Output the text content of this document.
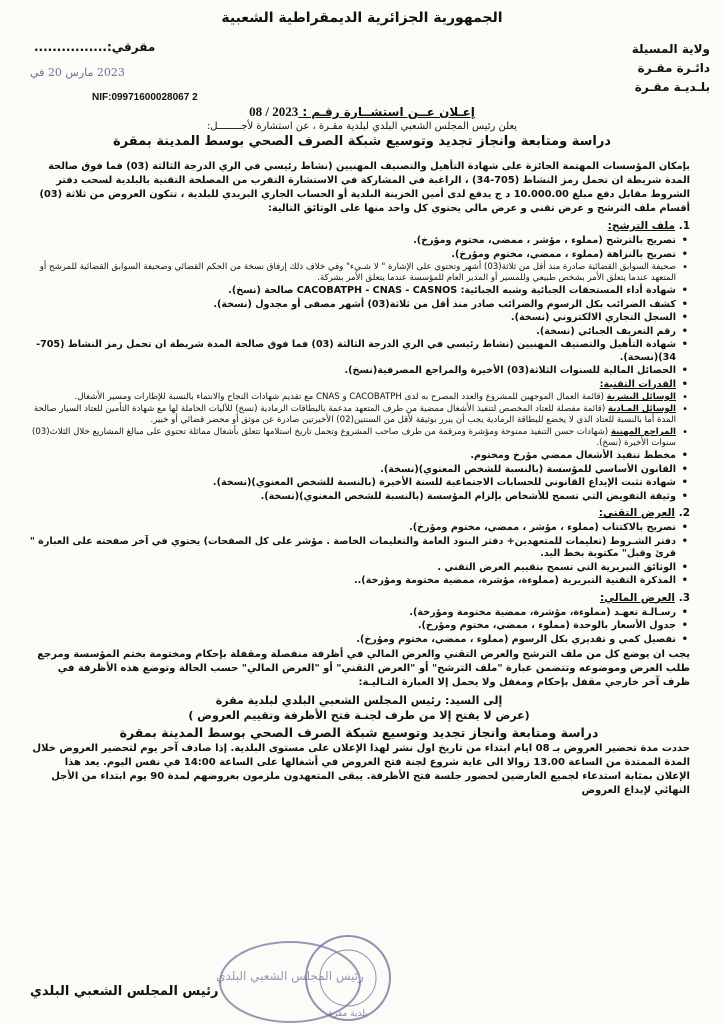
الجمهورية الجزائرية الديمقراطية الشعبية
ولاية المسيلة
دائـرة مقـرة
بلـديـة مقـرة
مقرقي:................
2023 مارس 20 في
NIF:09971600028067 2
إعـلان عــن استشــارة رقـم : 2023 / 08
يعلن رئيس المجلس الشعبي البلدي لبلدية مقـرة ، عن استشارة لأجــــــــل:
دراسة ومتابعة وانجاز تجديد وتوسيع شبكة الصرف الصحي بوسط المدينة بمقرة

بإمكان المؤسسات المهتمة الحائزة على شهادة التأهيل والتصنيف المهنيين (نشاط رئيسي في الري الدرجة الثالثة (03) فما فوق صالحة المدة شريطة ان تحمل رمز النشاط (705-34) ، الراغبة في المشاركة في الاستشارة التقرب من المصلحة التقنية بالبلدية لسحب دفتر الشروط مقابل دفع مبلغ 10.000.00 د ج يدفع لدى أمين الخزينة البلدية أو الحساب الجاري البريدي للبلدية ، تتكون العروض من ثلاثة (03) أقسام ملف الترشح و عرض تقني و عرض مالي يحتوي كل واحد منها على الوثائق التالية:

1. ملف الترشح:
• تصريح بالترشح (مملوء ، مؤشر ، ممضي، مختوم ومؤرخ).
• تصريح بالنزاهة (مملوء ، ممضي، مختوم ومؤرخ).
• صحيفة السوابق القضائية صادرة منذ أقل من ثلاثة(03) أشهر وتحتوي على الإشارة " لا شـيء" وفي خلاف ذلك إرفاق نسخة من الحكم القضائي وصحيفة السوابق القضائية للمرشح أو المتعهد عندما يتعلق الأمر بشخص طبيعي وللمسير أو المدير العام للمؤسسة عندما يتعلق الأمر بشركة.
• شهادة أداء المستحقات الجبائية وشبه الجبائية: CACOBATPH - CNAS - CASNOS صالحة (نسخ).
• كشف الضرائب بكل الرسوم والضرائب صادر منذ أقل من ثلاثة(03) أشهر مصفى أو مجدول (نسخة).
• السجل التجاري الالكتروني (نسخة).
• رقم التعريف الجبائي (نسخة).
• شهادة التأهيل والتصنيف المهنيين (نشاط رئيسي في الري الدرجة الثالثة (03) فما فوق صالحة المدة شريطة ان تحمل رمز النشاط (705-34)(نسخة).
• الحصائل المالية للسنوات الثلاثة(03) الأخيرة والمراجع المصرفية(نسخ).
• القدرات التقنية:
• الوسائل البشرية (قائمة العمال الموجهين للمشروع والعدد المصرح به لدى CACOBATPH و CNAS مع تقديم شهادات النجاح والانتماء بالنسبة للإطارات ومسير الأشغال.
• الوسائل المـادية (قائمة مفصلة للعتاد المخصص لتنفيذ الأشغال ممضية من طرف المتعهد مدعمة بالبطاقات الرمادية (نسخ) للآليات الحاملة لها مع شهادة التأمين للعتاد السيار صالحة المدة أما بالنسبة للعتاد الذي لا يخضع للبطاقة الرمادية يجب أن يبرر بوثيقة لأقل من السنتين(02) الأخيرتين صادرة عن موثق أو محضر قضائي أو خبير.
• المراجع المهنية (شهادات حسن التنفيذ ممنوحة ومؤشرة ومرقمة من طرف صاحب المشروع وتحمل تاريخ استلامها تتعلق بأشغال مماثلة تحتوي على مبالغ المشاريع خلال الثلاث(03) سنوات الأخيرة (نسخ).
• مخطط تنفيذ الأشغال ممضي مؤرخ ومختوم.
• القانون الأساسي للمؤسسة (بالنسبة للشخص المعنوي)(نسخة).
• شهادة تثبت الإيداع القانوني للحسابات الاجتماعية للسنة الأخيرة (بالنسبة للشخص المعنوي)(نسخة).
• وثيقة التفويض التي تسمح للأشخاص بإلزام المؤسسة (بالنسبة للشخص المعنوي)(نسخة).
2. العرض التقني:
• تصريح بالاكتتاب (مملوء ، مؤشر ، ممضي، مختوم ومؤرخ).
• دفتر الشـروط (تعليمات للمتعهدين+ دفتر البنود العامة والتعليمات الخاصة . مؤشر على كل الصفحات) يحتوي في آخر صفحته على العبارة " قرئ وقبل" مكتوبة بخط اليد.
• الوثائق التبريرية التي تسمح بتقييم العرض التقني .
• المذكرة التقنية التبريرية (مملوءة، مؤشرة، ممضية مختومة ومؤرخة)..
3. العرض المالي:
• رسـالـة تعهـد (مملوءة، مؤشرة، ممضية مختومة ومؤرخة).
• جدول الأسعار بالوحدة (مملوء ، ممضي، مختوم ومؤرخ).
• تفصيل كمي و تقديري بكل الرسوم (مملوء ، ممضي، مختوم ومؤرخ).
يجب ان يوضع كل من ملف الترشح والعرض التقني والعرض المالي في أظرفة منفصلة ومقفلة بإحكام ومختومة بختم المؤسسة ومرجع طلب العرض وموضوعه وتتضمن عبارة "ملف الترشح" أو "العرض التقني" أو "العرض المالي" حسب الحالة وتوضع هذه الأظرفة في ظرف آخر خارجي مقفل بإحكام ومغفل ولا يحمل إلا العبارة التـاليـة:
إلى السيد: رئيس المجلس الشعبي البلدي لبلدية مقرة
(عرض لا يفتح إلا من طرف لجنـة فتح الأظرفة وتقييم العروض )
دراسة ومتابعة وانجاز تجديد وتوسيع شبكة الصرف الصحي بوسط المدينة بمقرة
حددت مدة تحضير العروض بـ 08 ايام ابتداء من تاريخ اول نشر لهذا الإعلان على مستوى البلدية. إذا صادف آخر يوم لتحضير العروض خلال المدة الممتدة من الساعة 13.00 زوالا الى غاية شروع لجنة فتح العروض في أشغالها على الساعة 14:00 في نفس اليوم. يعد هذا الإعلان بمثابة استدعاء لجميع العارضين لحضور جلسة فتح الأظرفة. يبقى المتعهدون ملزمون بعروضهم لمدة 90 يوم ابتداء من الأجل النهائي لإيداع العروض
رئيس المجلس الشعبي البلدي
بلدية مقرة
رئيس المجلس الشعبي البلدي
